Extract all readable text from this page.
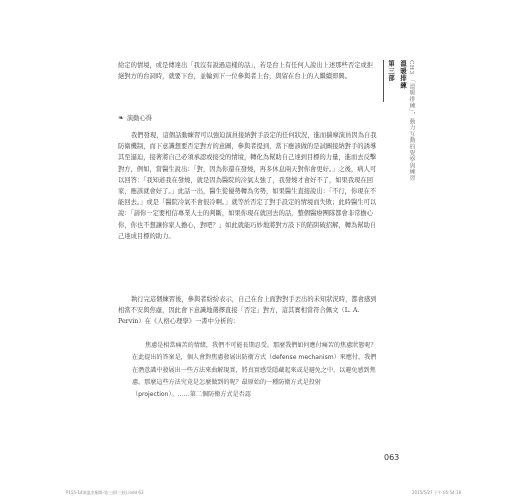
第三部 溫暖排練 CH3 「溫暖排練」，動力互動的覺察與練習

給定的情境，或是傳達出「我沒有說過這樣的話」，若是台上有任何人說出上述那些否定或拒絕對方的台詞時，就要下台，並輪到下一位參與者上台，與留在台上的人繼續即興。

❧ 演動心得

我們發現，這個話動練習可以強迫演員接納對手設定的任何狀況，進而揣摩演員因為自我防衛機制，而下意識想要否定對方的意圖，參與者提到，當下應該做的是試圖接納對手的誘導其至逼迫，接著將自己必須承認或接受的情境，轉化為幫助自己達到目標的力量，進而去反擊對方，例如，當醫生說出：「對，因為你還在發燒，再多休息兩天對你會更好。」之後，病人可以回答：「我知道我在發燒，就是因為醫院的冷氣太強了，我發燒才會好不了，如果我現在回家，應該就會好了。」此話一出，醫生從優勢轉為劣勢，如果醫生直接說出：「不行，你現在不能回去。」或是「醫院冷氣不會很冷啊。」就等於否定了對手設定的情境而失敗；此時醫生可以說：「請你一定要相信專業人士的判斷，如果你現在就回去的話，整個醫療團隊都會非常擔心你，你也不想讓你家人擔心，對吧？」如此就能巧妙地將對方設下的陷阱破招解，轉為幫助自己達成目標的助力。

執行完這個練習後，參與者紛紛表示，自己在台上面對對手丟出的未知狀況時，都會感到相當不安與焦慮，因此會下意識地選擇直接「否定」對方，這其實相當符合佩文（L. A. Pervin）在《人格心理學》一書中分析的：

焦慮是相當痛苦的情緒，我們不可能長期忍受。那麼我們如何應付痛苦的焦慮狀態呢？在此提出的答案是，個人會對焦慮發展出防衛方式（defense mechanism）來應付。我們在潛意識中發展出一些方法來曲解現實，將真實感受隱藏起來或是避免之中，以避免感到焦慮。那麼這些方法究竟是怎麼做到的呢？最原始的一種防衛方式是投射（projection）。……第二個防衛方式是否認

063
P155-14演溫室劇場-第三部(三校).indd 63	2015/5/27 下午 05:54:18
